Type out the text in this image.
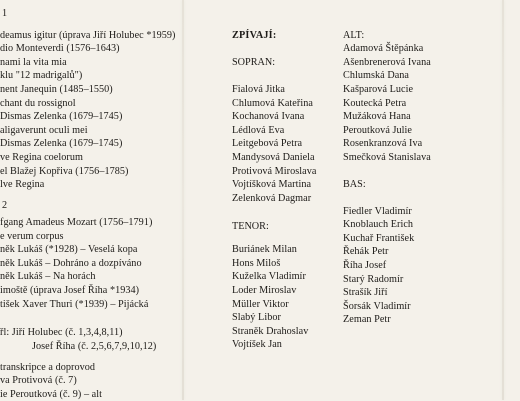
1
deamus igitur (úprava Jiří Holubec *1959)
dio Monteverdi (1576–1643)
nami la vita mia
klu "12 madrigalů")
nent Janequin (1485–1550)
chant du rossignol
Dismas Zelenka (1679–1745)
aligaverunt oculi mei
Dismas Zelenka (1679–1745)
ve Regina coelorum
el Blažej Kopřiva (1756–1785)
lve Regina
2
fgang Amadeus Mozart (1756–1791)
e verum corpus
něk Lukáš (*1928) – Veselá kopa
něk Lukáš – Dohráno a dozpíváno
něk Lukáš – Na horách
imoště (úprava Josef Říha *1934)
tišek Xaver Thuri (*1939) – Pijácká
řl: Jiří Holubec (č. 1,3,4,8,11)
Josef Říha (č. 2,5,6,7,9,10,12)
transkripce a doprovod
va Protivová (č. 7)
ie Peroutková (č. 9) – alt
ZPÍVAJÍ:
SOPRAN:
Fialová Jitka
Chlumová Kateřina
Kochanová Ivana
Lédlová Eva
Leitgebová Petra
Mandysová Daniela
Protivová Miroslava
Vojtíšková Martina
Zelenková Dagmar
TENOR:
Buriánek Milan
Hons Miloš
Kuželka Vladimír
Loder Miroslav
Müller Viktor
Slabý Libor
Straněk Drahoslav
Vojtíšek Jan
ALT:
Adamová Štěpánka
Ašenbrenerová Ivana
Chlumská Dana
Kašparová Lucie
Koutecká Petra
Mužáková Hana
Peroutková Julie
Rosenkranzová Iva
Smečková Stanislava
BAS:
Fiedler Vladimír
Knoblauch Erich
Kuchař František
Řehák Petr
Říha Josef
Starý Radomír
Strašík Jiří
Šorsák Vladimír
Zeman Petr
